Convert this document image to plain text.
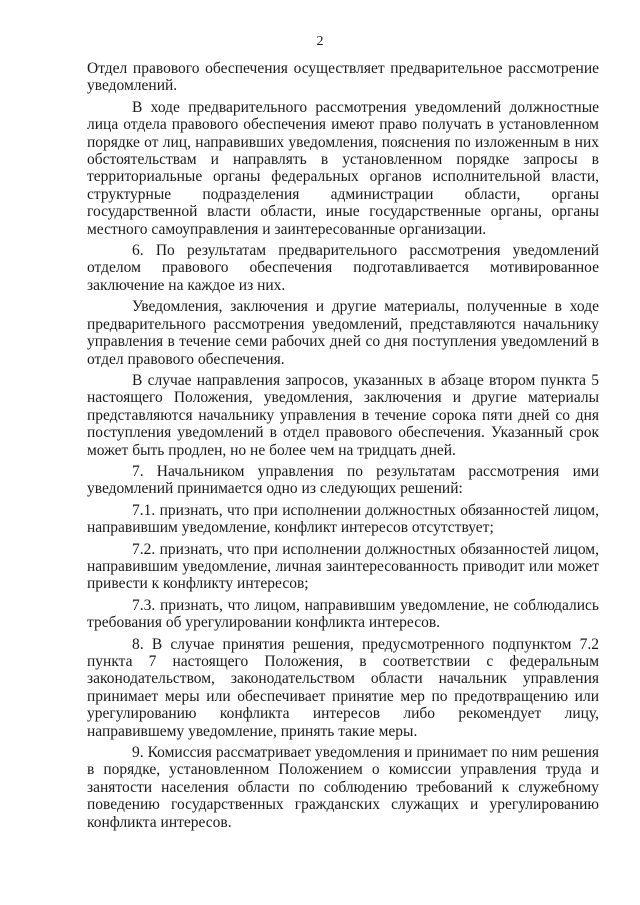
2

Отдел правового обеспечения осуществляет предварительное рассмотрение уведомлений.

В ходе предварительного рассмотрения уведомлений должностные лица отдела правового обеспечения имеют право получать в установленном порядке от лиц, направивших уведомления, пояснения по изложенным в них обстоятельствам и направлять в установленном порядке запросы в территориальные органы федеральных органов исполнительной власти, структурные подразделения администрации области, органы государственной власти области, иные государственные органы, органы местного самоуправления и заинтересованные организации.

6. По результатам предварительного рассмотрения уведомлений отделом правового обеспечения подготавливается мотивированное заключение на каждое из них.

Уведомления, заключения и другие материалы, полученные в ходе предварительного рассмотрения уведомлений, представляются начальнику управления в течение семи рабочих дней со дня поступления уведомлений в отдел правового обеспечения.

В случае направления запросов, указанных в абзаце втором пункта 5 настоящего Положения, уведомления, заключения и другие материалы представляются начальнику управления в течение сорока пяти дней со дня поступления уведомлений в отдел правового обеспечения. Указанный срок может быть продлен, но не более чем на тридцать дней.

7. Начальником управления по результатам рассмотрения ими уведомлений принимается одно из следующих решений:

7.1. признать, что при исполнении должностных обязанностей лицом, направившим уведомление, конфликт интересов отсутствует;

7.2. признать, что при исполнении должностных обязанностей лицом, направившим уведомление, личная заинтересованность приводит или может привести к конфликту интересов;

7.3. признать, что лицом, направившим уведомление, не соблюдались требования об урегулировании конфликта интересов.

8. В случае принятия решения, предусмотренного подпунктом 7.2 пункта 7 настоящего Положения, в соответствии с федеральным законодательством, законодательством области начальник управления принимает меры или обеспечивает принятие мер по предотвращению или урегулированию конфликта интересов либо рекомендует лицу, направившему уведомление, принять такие меры.

9. Комиссия рассматривает уведомления и принимает по ним решения в порядке, установленном Положением о комиссии управления труда и занятости населения области по соблюдению требований к служебному поведению государственных гражданских служащих и урегулированию конфликта интересов.
